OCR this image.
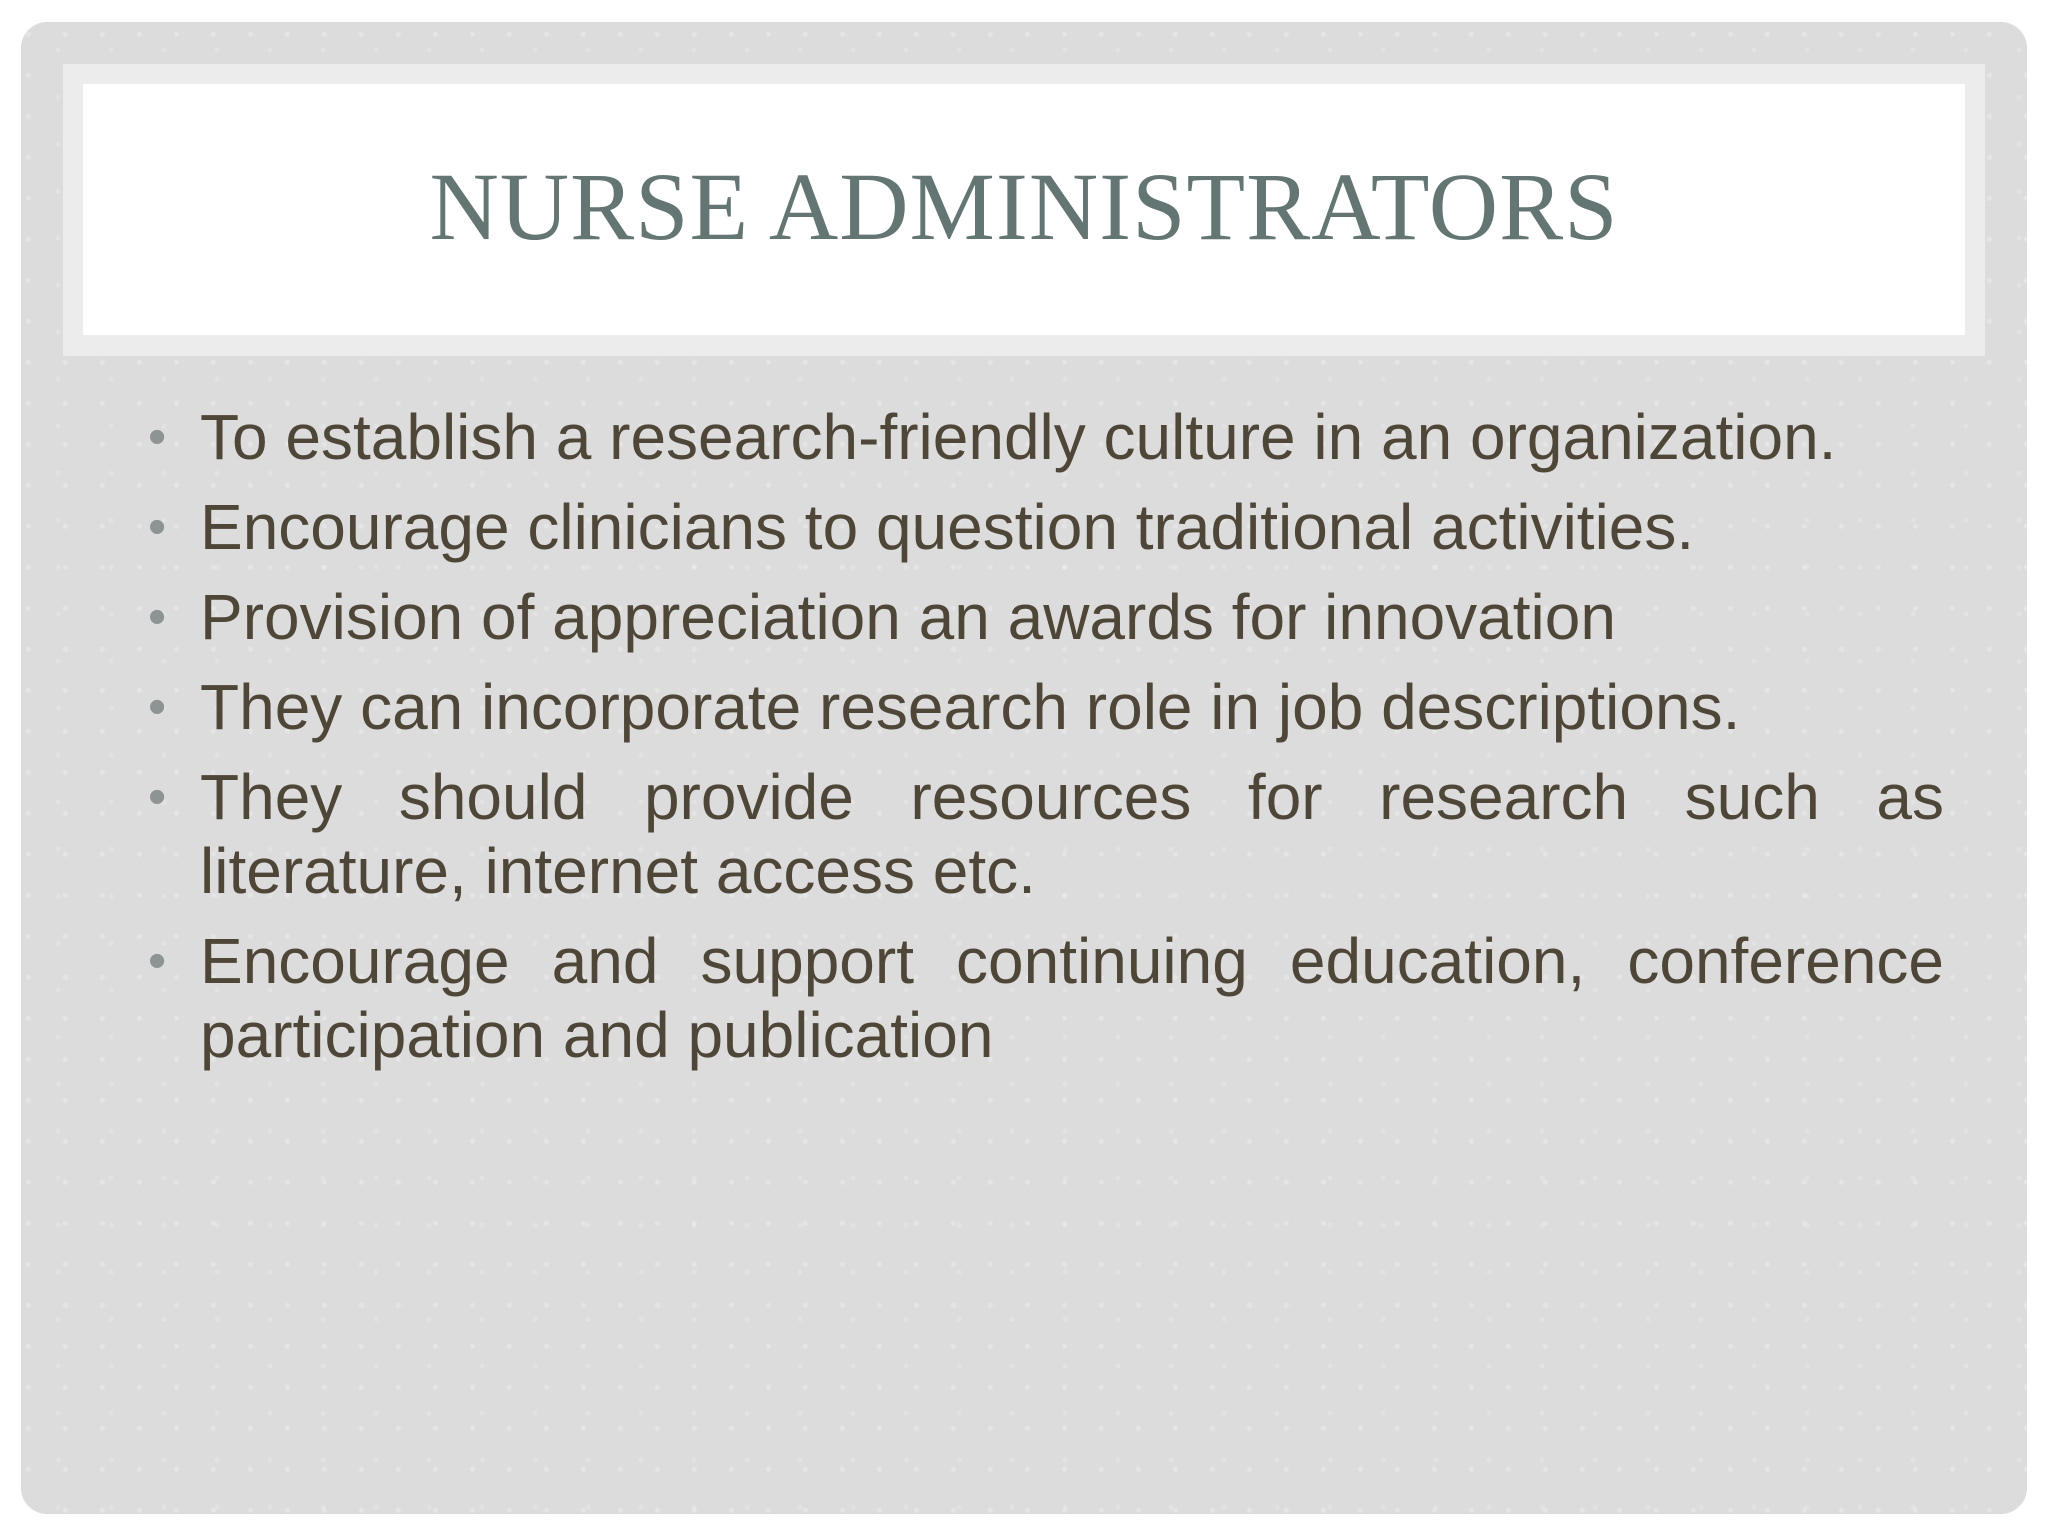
NURSE ADMINISTRATORS
• To establish a research-friendly culture in an organization.
• Encourage clinicians to question traditional activities.
• Provision of appreciation an awards for innovation
• They can incorporate research role in job descriptions.
• They should provide resources for research such as literature, internet access etc.
• Encourage and support continuing education, conference participation and publication
